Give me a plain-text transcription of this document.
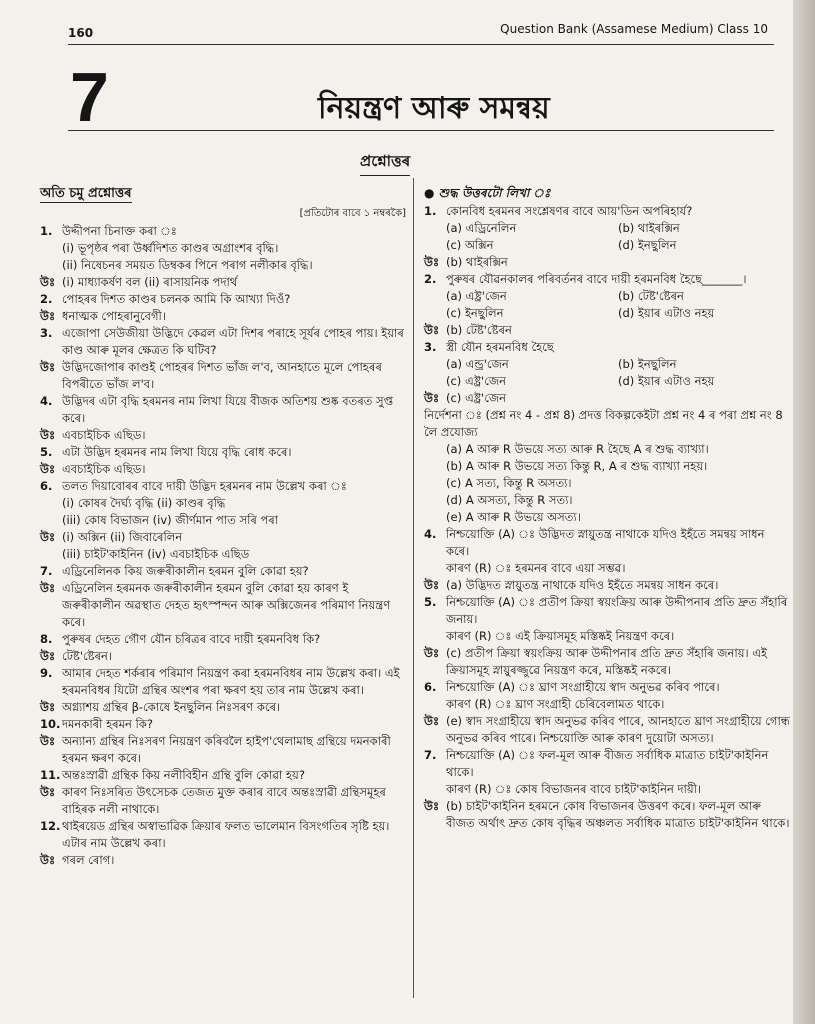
160	Question Bank (Assamese Medium) Class 10
7	নিয়ন্ত্ৰণ আৰু সমন্বয়
প্ৰশ্নোত্তৰ
অতি চমু প্ৰশ্নোত্তৰ
[প্ৰতিটোৰ বাবে ১ নম্বৰকৈ]
1. উদ্দীপনা চিনাক্ত কৰা ঃ
(i) ভূপৃষ্ঠৰ পৰা উৰ্ধ্বদিশত কাণ্ডৰ অগ্ৰাংশৰ বৃদ্ধি।
(ii) নিষেচনৰ সময়ত ডিম্বকৰ পিনে পৰাগ নলীকাৰ বৃদ্ধি।
উঃ (i) মাধ্যাকৰ্ষণ বল (ii) ৰাসায়নিক পদাৰ্থ
2. পোহৰৰ দিশত কাণ্ডৰ চলনক আমি কি আখ্যা দিওঁ?
উঃ ধনাত্মক পোহৰানুবেগী।
3. এজোপা সেউজীয়া উদ্ভিদে কেৱল এটা দিশৰ পৰাহে সূৰ্যৰ পোহৰ পায়। ইয়াৰ কাণ্ড আৰু মূলৰ ক্ষেত্ৰত কি ঘটিব?
উঃ উদ্ভিদজোপাৰ কাণ্ডই পোহৰৰ দিশত ভাঁজ ল'ব, আনহাতে মূলে পোহৰৰ বিপৰীতে ভাঁজ ল'ব।
4. উদ্ভিদৰ এটা বৃদ্ধি হৰমনৰ নাম লিখা যিয়ে বীজক অতিশয় শুষ্ক বতৰত সুপ্ত কৰে।
উঃ এবচাইচিক এছিড।
5. এটা উদ্ভিদ হৰমনৰ নাম লিখা যিয়ে বৃদ্ধি ৰোধ কৰে।
উঃ এবচাইচিক এছিড।
6. তলত দিয়াবোৰৰ বাবে দায়ী উদ্ভিদ হৰমনৰ নাম উল্লেখ কৰা ঃ
(i) কোষৰ দৈৰ্ঘ্য বৃদ্ধি (ii) কাণ্ডৰ বৃদ্ধি
(iii) কোষ বিভাজন (iv) জীৰ্ণমান পাত সৰি পৰা
উঃ (i) অক্সিন (ii) জিবাৰেলিন
(iii) চাইট'কাইনিন (iv) এবচাইচিক এছিড
7. এড্ৰিনেলিনক কিয় জৰুৰীকালীন হৰমন বুলি কোৱা হয়?
উঃ এড্ৰিনেলিন হৰমনক জৰুৰীকালীন হৰমন বুলি কোৱা হয় কাৰণ ই জৰুৰীকালীন অৱস্থাত দেহত হৃৎস্পন্দন আৰু অক্সিজেনৰ পৰিমাণ নিয়ন্ত্ৰণ কৰে।
8. পুৰুষৰ দেহত গৌণ যৌন চৰিত্ৰৰ বাবে দায়ী হৰমনবিধ কি?
উঃ টেষ্ট'ষ্টেৰন।
9. আমাৰ দেহত শৰ্কৰাৰ পৰিমাণ নিয়ন্ত্ৰণ কৰা হৰমনবিধৰ নাম উল্লেখ কৰা। এই হৰমনবিধৰ যিটো গ্ৰন্থিৰ অংশৰ পৰা ক্ষৰণ হয় তাৰ নাম উল্লেখ কৰা।
উঃ অগ্ন্যাশয় গ্ৰন্থিৰ β-কোষে ইনছুলিন নিঃসৰণ কৰে।
10. দমনকাৰী হৰমন কি?
উঃ অন্যান্য গ্ৰন্থিৰ নিঃসৰণ নিয়ন্ত্ৰণ কৰিবলৈ হাইপ'থেলামাছ গ্ৰন্থিয়ে দমনকাৰী হৰমন ক্ষৰণ কৰে।
11. অন্তঃস্ৰাৱী গ্ৰন্থিক কিয় নলীবিহীন গ্ৰন্থি বুলি কোৱা হয়?
উঃ কাৰণ নিঃসৰিত উৎসেচক তেজত মুক্ত কৰাৰ বাবে অন্তঃস্ৰাৱী গ্ৰন্থিসমূহৰ বাহিৰক নলী নাথাকে।
12. থাইৰয়েড গ্ৰন্থিৰ অস্বাভাৱিক ক্ৰিয়াৰ ফলত ভালেমান বিসংগতিৰ সৃষ্টি হয়। এটাৰ নাম উল্লেখ কৰা।
উঃ গৰল ৰোগ।
● শুদ্ধ উত্তৰটো লিখা ঃ
1. কোনবিধ হৰমনৰ সংশ্লেষণৰ বাবে আয়'ডিন অপৰিহাৰ্য?
(a) এড্ৰিনেলিন	(b) থাইৰক্সিন
(c) অক্সিন	(d) ইনছুলিন
উঃ (b) থাইৰক্সিন
2. পুৰুষৰ যৌৱনকালৰ পৰিবৰ্তনৰ বাবে দায়ী হৰমনবিধ হৈছে_______।
(a) এষ্ট্ৰ'জেন	(b) টেষ্ট'ষ্টেৰন
(c) ইনছুলিন	(d) ইয়াৰ এটাও নহয়
উঃ (b) টেষ্ট'ষ্টেৰন
3. স্ত্ৰী যৌন হৰমনবিধ হৈছে
(a) এন্ড্ৰ'জেন	(b) ইনছুলিন
(c) এষ্ট্ৰ'জেন	(d) ইয়াৰ এটাও নহয়
উঃ (c) এষ্ট্ৰ'জেন
নিৰ্দেশনা ঃ (প্ৰশ্ন নং 4 - প্ৰশ্ন 8) প্ৰদত্ত বিকল্পকেইটা প্ৰশ্ন নং 4 ৰ পৰা প্ৰশ্ন নং 8 লৈ প্ৰযোজ্য
(a) A আৰু R উভয়ে সত্য আৰু R হৈছে A ৰ শুদ্ধ ব্যাখ্যা।
(b) A আৰু R উভয়ে সত্য কিন্তু R, A ৰ শুদ্ধ ব্যাখ্যা নহয়।
(c) A সত্য, কিন্তু R অসত্য।
(d) A অসত্য, কিন্তু R সত্য।
(e) A আৰু R উভয়ে অসত্য।
4. নিশ্চয়োক্তি (A) ঃ উদ্ভিদত স্নায়ুতন্ত্ৰ নাথাকে যদিও ইহঁতে সমন্বয় সাধন কৰে।
কাৰণ (R) ঃ হৰমনৰ বাবে এয়া সম্ভৱ।
উঃ (a) উদ্ভিদত স্নায়ুতন্ত্ৰ নাথাকে যদিও ইহঁতে সমন্বয় সাধন কৰে।
5. নিশ্চয়োক্তি (A) ঃ প্ৰতীপ ক্ৰিয়া স্বয়ংক্ৰিয় আৰু উদ্দীপনাৰ প্ৰতি দ্ৰুত সঁহাৰি জনায়।
কাৰণ (R) ঃ এই ক্ৰিয়াসমূহ মস্তিষ্কই নিয়ন্ত্ৰণ কৰে।
উঃ (c) প্ৰতীপ ক্ৰিয়া স্বয়ংক্ৰিয় আৰু উদ্দীপনাৰ প্ৰতি দ্ৰুত সঁহাৰি জনায়। এই ক্ৰিয়াসমূহ স্নায়ুৰজ্জুৱে নিয়ন্ত্ৰণ কৰে, মস্তিষ্কই নকৰে।
6. নিশ্চয়োক্তি (A) ঃ ঘ্ৰাণ সংগ্ৰাহীয়ে স্বাদ অনুভৱ কৰিব পাৰে।
কাৰণ (R) ঃ ঘ্ৰাণ সংগ্ৰাহী চেৰিবেলামত থাকে।
উঃ (e) স্বাদ সংগ্ৰাহীয়ে স্বাদ অনুভৱ কৰিব পাৰে, আনহাতে ঘ্ৰাণ সংগ্ৰাহীয়ে গোন্ধ অনুভৱ কৰিব পাৰে। নিশ্চয়োক্তি আৰু কাৰণ দুয়োটা অসত্য।
7. নিশ্চয়োক্তি (A) ঃ ফল-মূল আৰু বীজত সৰ্বাধিক মাত্ৰাত চাইট'কাইনিন থাকে।
কাৰণ (R) ঃ কোষ বিভাজনৰ বাবে চাইট'কাইনিন দায়ী।
উঃ (b) চাইট'কাইনিন হৰমনে কোষ বিভাজনৰ উত্তৰণ কৰে। ফল-মূল আৰু বীজত অৰ্থাৎ দ্ৰুত কোষ বৃদ্ধিৰ অঞ্চলত সৰ্বাধিক মাত্ৰাত চাইট'কাইনিন থাকে।
